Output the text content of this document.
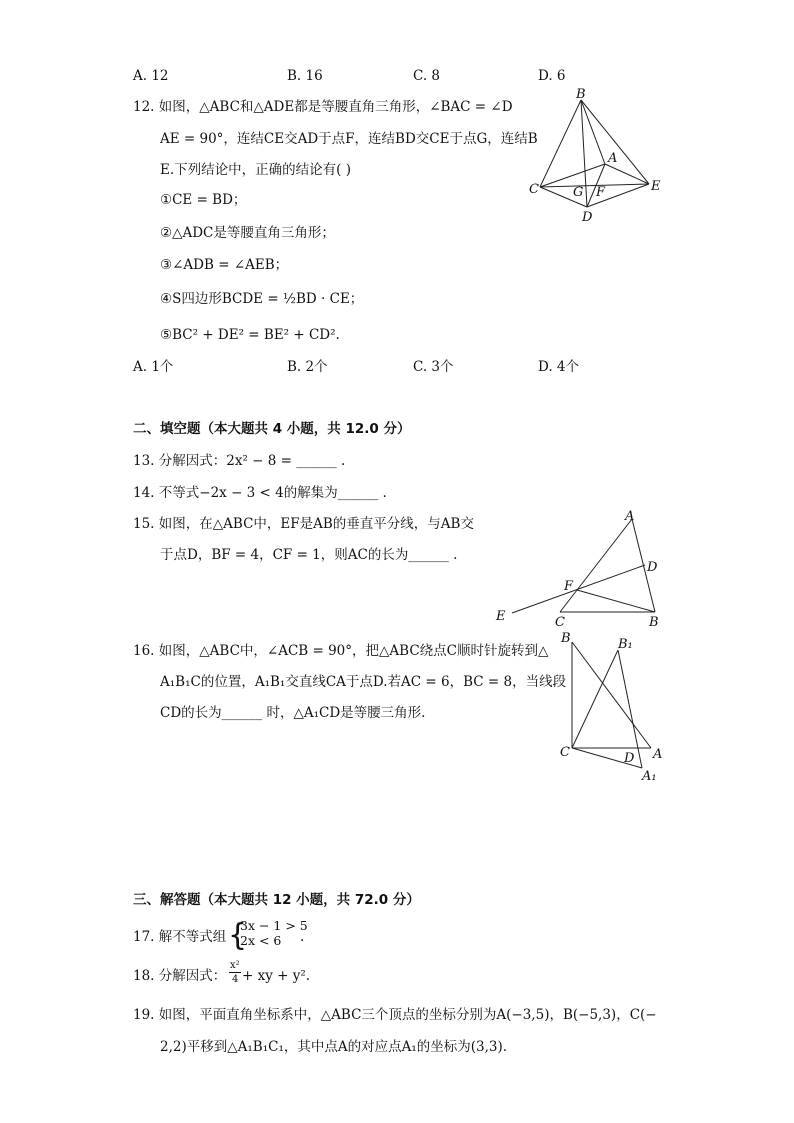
A. 12	B. 16	C. 8	D. 6
12. 如图，△ABC和△ADE都是等腰直角三角形，∠BAC = ∠D
AE = 90°，连结CE交AD于点F，连结BD交CE于点G，连结B
E.下列结论中，正确的结论有( )
①CE = BD；
②△ADC是等腰直角三角形；
③∠ADB = ∠AEB；
④S四边形BCDE = ½BD · CE；
⑤BC² + DE² = BE² + CD².
A. 1个	B. 2个	C. 3个	D. 4个
B
A
C	G F	E
D
二、填空题（本大题共 4 小题，共 12.0 分）
13. 分解因式：2x² − 8 = ______ .
14. 不等式−2x − 3 < 4的解集为______ .
15. 如图，在△ABC中，EF是AB的垂直平分线，与AB交
于点D，BF = 4，CF = 1，则AC的长为______ .
A
D
F
E	C	B
16. 如图，△ABC中，∠ACB = 90°，把△ABC绕点C顺时针旋转到△
A₁B₁C的位置，A₁B₁交直线CA于点D.若AC = 6，BC = 8，当线段
CD的长为______ 时，△A₁CD是等腰三角形.
B	B₁
C	D A
A₁
三、解答题（本大题共 12 小题，共 72.0 分）
17. 解不等式组 {
3x − 1 > 5
2x < 6 .
18. 分解因式：
x²
4 + xy + y².
19. 如图，平面直角坐标系中，△ABC三个顶点的坐标分别为A(−3,5)，B(−5,3)，C(−
2,2)平移到△A₁B₁C₁，其中点A的对应点A₁的坐标为(3,3).
